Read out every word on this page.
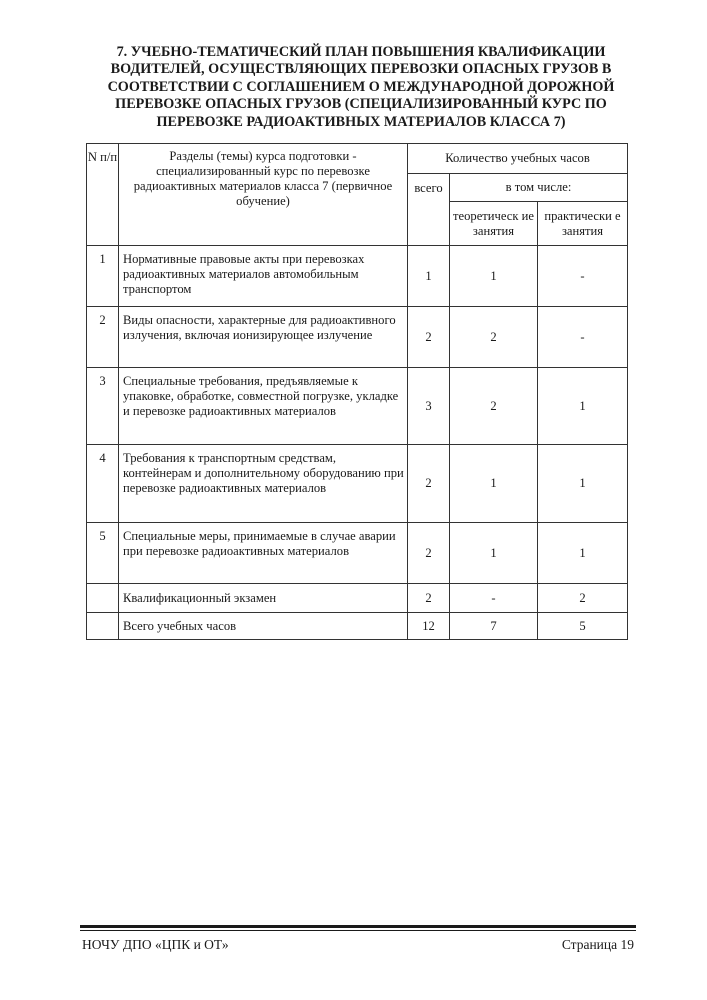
7. УЧЕБНО-ТЕМАТИЧЕСКИЙ ПЛАН ПОВЫШЕНИЯ КВАЛИФИКАЦИИ ВОДИТЕЛЕЙ, ОСУЩЕСТВЛЯЮЩИХ ПЕРЕВОЗКИ ОПАСНЫХ ГРУЗОВ В СООТВЕТСТВИИ С СОГЛАШЕНИЕМ О МЕЖДУНАРОДНОЙ ДОРОЖНОЙ ПЕРЕВОЗКЕ ОПАСНЫХ ГРУЗОВ (СПЕЦИАЛИЗИРОВАННЫЙ КУРС ПО ПЕРЕВОЗКЕ РАДИОАКТИВНЫХ МАТЕРИАЛОВ КЛАССА 7)
N п/п	Разделы (темы) курса подготовки - специализированный курс по перевозке радиоактивных материалов класса 7 (первичное обучение)	Количество учебных часов		
		всего	в том числе:	
			теоретическ ие занятия	практически е занятия
1	Нормативные правовые акты при перевозках радиоактивных материалов автомобильным транспортом	1	1	-
2	Виды опасности, характерные для радиоактивного излучения, включая ионизирующее излучение	2	2	-
3	Специальные требования, предъявляемые к упаковке, обработке, совместной погрузке, укладке и перевозке радиоактивных материалов	3	2	1
4	Требования к транспортным средствам, контейнерам и дополнительному оборудованию при перевозке радиоактивных материалов	2	1	1
5	Специальные меры, принимаемые в случае аварии при перевозке радиоактивных материалов	2	1	1
	Квалификационный экзамен	2	-	2
	Всего учебных часов	12	7	5
НОЧУ ДПО «ЦПК и ОТ»	Страница 19
